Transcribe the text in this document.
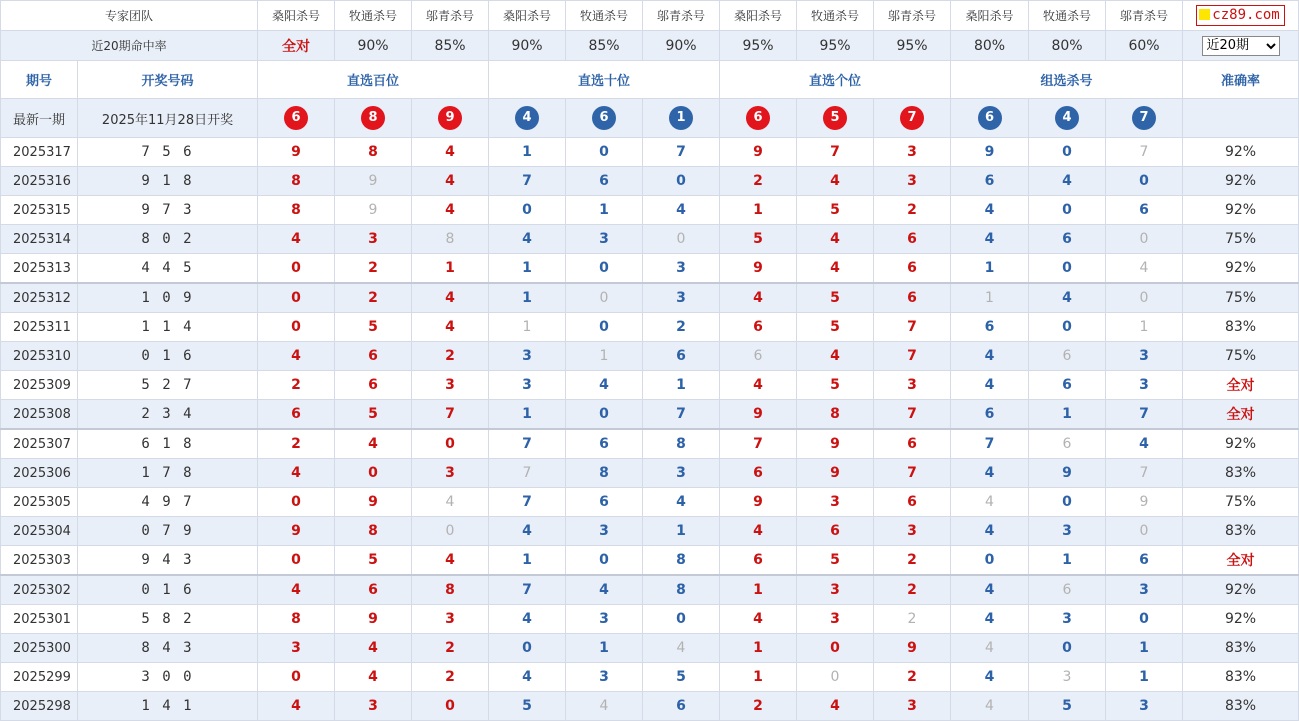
专家团队		桑阳杀号	牧通杀号	邬青杀号	桑阳杀号	牧通杀号	邬青杀号	桑阳杀号	牧通杀号	邬青杀号	桑阳杀号	牧通杀号	邬青杀号	cz89.com
近20期命中率		全对	90%	85%	90%	85%	90%	95%	95%	95%	80%	80%	60%	
近20期
期号	开奖号码	直选百位			直选十位			直选个位			组选杀号			准确率
最新一期	2025年11月28日开奖	6	8	9	4	6	1	6	5	7	6	4	7	
2025317	7 5 6	9	8	4	1	0	7	9	7	3	9	0	7	92%
2025316	9 1 8	8	9	4	7	6	0	2	4	3	6	4	0	92%
2025315	9 7 3	8	9	4	0	1	4	1	5	2	4	0	6	92%
2025314	8 0 2	4	3	8	4	3	0	5	4	6	4	6	0	75%
2025313	4 4 5	0	2	1	1	0	3	9	4	6	1	0	4	92%
2025312	1 0 9	0	2	4	1	0	3	4	5	6	1	4	0	75%
2025311	1 1 4	0	5	4	1	0	2	6	5	7	6	0	1	83%
2025310	0 1 6	4	6	2	3	1	6	6	4	7	4	6	3	75%
2025309	5 2 7	2	6	3	3	4	1	4	5	3	4	6	3	全对
2025308	2 3 4	6	5	7	1	0	7	9	8	7	6	1	7	全对
2025307	6 1 8	2	4	0	7	6	8	7	9	6	7	6	4	92%
2025306	1 7 8	4	0	3	7	8	3	6	9	7	4	9	7	83%
2025305	4 9 7	0	9	4	7	6	4	9	3	6	4	0	9	75%
2025304	0 7 9	9	8	0	4	3	1	4	6	3	4	3	0	83%
2025303	9 4 3	0	5	4	1	0	8	6	5	2	0	1	6	全对
2025302	0 1 6	4	6	8	7	4	8	1	3	2	4	6	3	92%
2025301	5 8 2	8	9	3	4	3	0	4	3	2	4	3	0	92%
2025300	8 4 3	3	4	2	0	1	4	1	0	9	4	0	1	83%
2025299	3 0 0	0	4	2	4	3	5	1	0	2	4	3	1	83%
2025298	1 4 1	4	3	0	5	4	6	2	4	3	4	5	3	83%
